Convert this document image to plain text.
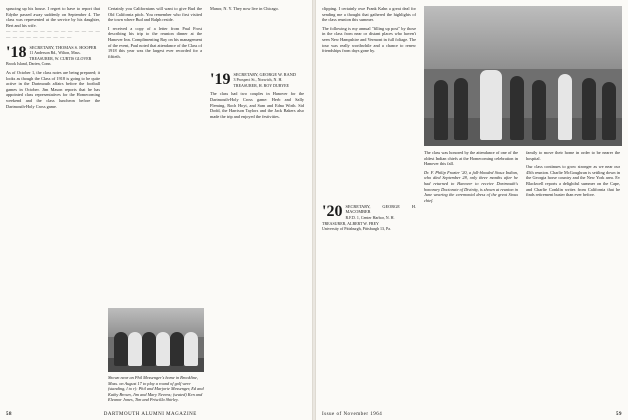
sprucing up his house. I regret to have to report that Edythe passed away suddenly on September 4. The class was represented at the service by his daughter, Bert and his wife.
— — — — — — — — — — — — — — — — — — — — — — — —
'18 SECRETARY, THOMAS S. HOOPER
11 Anderson Rd., Wilton, Mass.
TREASURER, W. CURTIS GLOVER
Brook Island, Darien, Conn.
As of October 1, the class notes are being prepared; it looks as though the Class of 1918 is going to be quite active in the Dartmouth affairs before the football games in October. Jim Mason reports that he has appointed class representatives for the Homecoming weekend and the class luncheon before the Dartmouth-Holy Cross game.
Certainly you Californians will want to give Bud the Old California pitch. You remember who first visited the town where Bud and Ralph reside.
I received a copy of a letter from Paul Frost describing his trip to the reunion dinner at the Hanover Inn. Complimenting Ray on his management of the event, Paul noted that attendance of the Class of 1918 this year was the largest ever recorded for a fiftieth.
Shown near an Phil Messenger's home in Brookline, Mass. on August 17 to play a round of golf were (standing, l to r): Phil and Marjorie Messenger, Ed and Kathy Brown, Jim and Mary Nevens; (seated) Ken and Eleanor Jones, Tim and Priscilla Shirley.
Manor, N. Y. They now live in Chicago.
'19 SECRETARY, GEORGE W. RAND
3 Prospect St., Norwich, N. H.
TREASURER, H. ROY DURYEE
The class had two couples in Hanover for the Dartmouth-Holy Cross game: Herb and Sally Fleming, Roch Hoyt, and Sam and Edna Wirth. Sid Dodd, the Harrison Taylors and the Jack Bakers also made the trip and enjoyed the festivities.
58	DARTMOUTH ALUMNI MAGAZINE
clipping. I certainly owe Frank Kahn a great deal for sending me a thought that gathered the highlights of the class reunion this summer.
The following is my annual "filling up post" by those in the class from near or distant places who haven't seen New Hampshire and Vermont in full foliage. The tour was really worthwhile and a chance to renew friendships from days gone by.
'20 SECRETARY, GEORGE H. MACOMBER
R.F.D. 1, Center Harbor, N. H.
TREASURER, ALBERT W. FREY
University of Pittsburgh, Pittsburgh 13, Pa.
The class was honored by the attendance of one of the oldest Indian chiefs at the Homecoming celebration in Hanover this fall.
Dr. F. Philip Frazier '20, a full-blooded Sioux Indian, who died September 28, only three months after he had returned to Hanover to receive Dartmouth's honorary Doctorate of Divinity, is shown at reunion in June wearing the ceremonial dress of the great Sioux chief.
family to move their home in order to be nearer the hospital.
Our class continues to grow stronger as we near our 45th reunion. Charlie McGoughran is settling down in the Georgia horse country and the New York area. Ev Blackwell reports a delightful summer on the Cape, and Charlie Conklin writes from California that he finds retirement busier than ever before.
Issue of November 1964	59
